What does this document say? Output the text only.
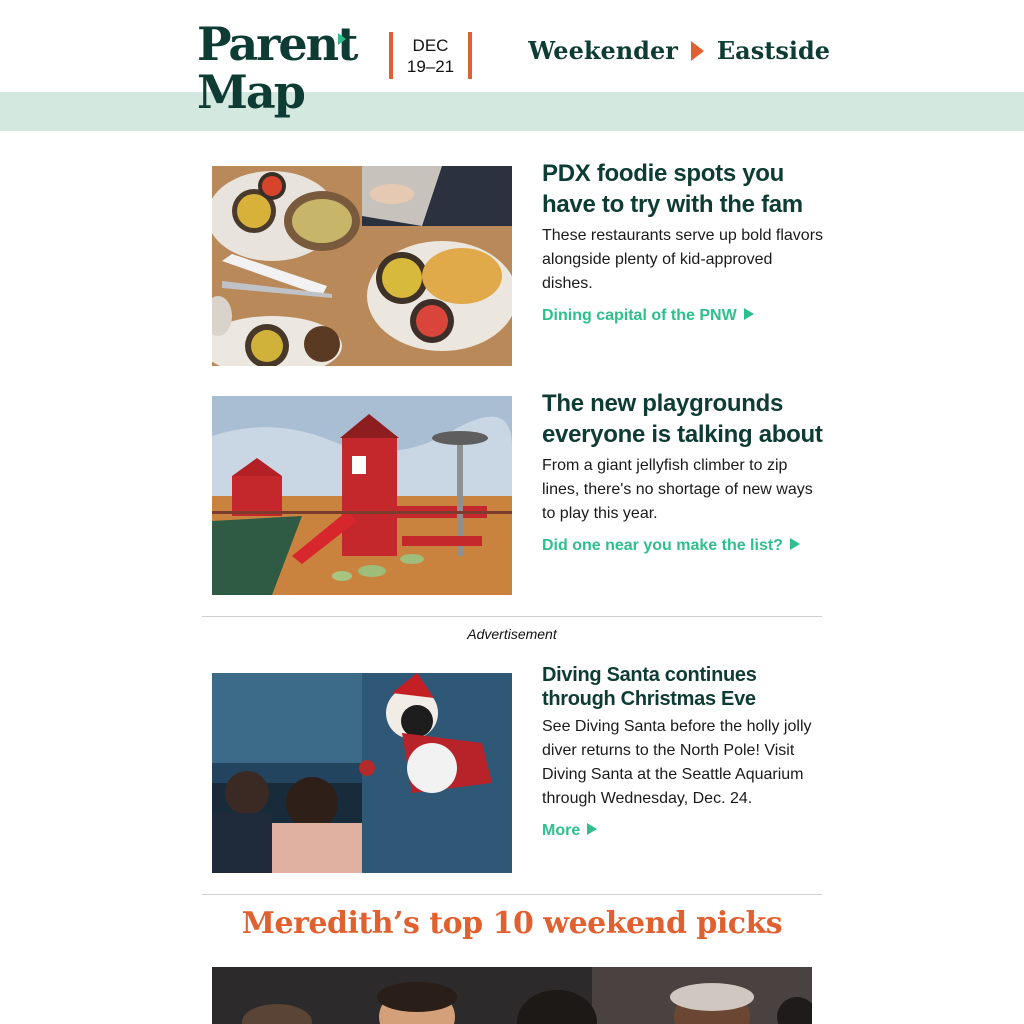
Parent
Map
DEC
19–21
Weekender Eastside
PDX foodie spots you have to try with the fam

These restaurants serve up bold flavors alongside plenty of kid-approved dishes.

Dining capital of the PNW
The new playgrounds everyone is talking about

From a giant jellyfish climber to zip lines, there's no shortage of new ways to play this year.

Did one near you make the list?
Advertisement
Diving Santa continues through Christmas Eve

See Diving Santa before the holly jolly diver returns to the North Pole! Visit Diving Santa at the Seattle Aquarium through Wednesday, Dec. 24.

More
Meredith’s top 10 weekend picks
